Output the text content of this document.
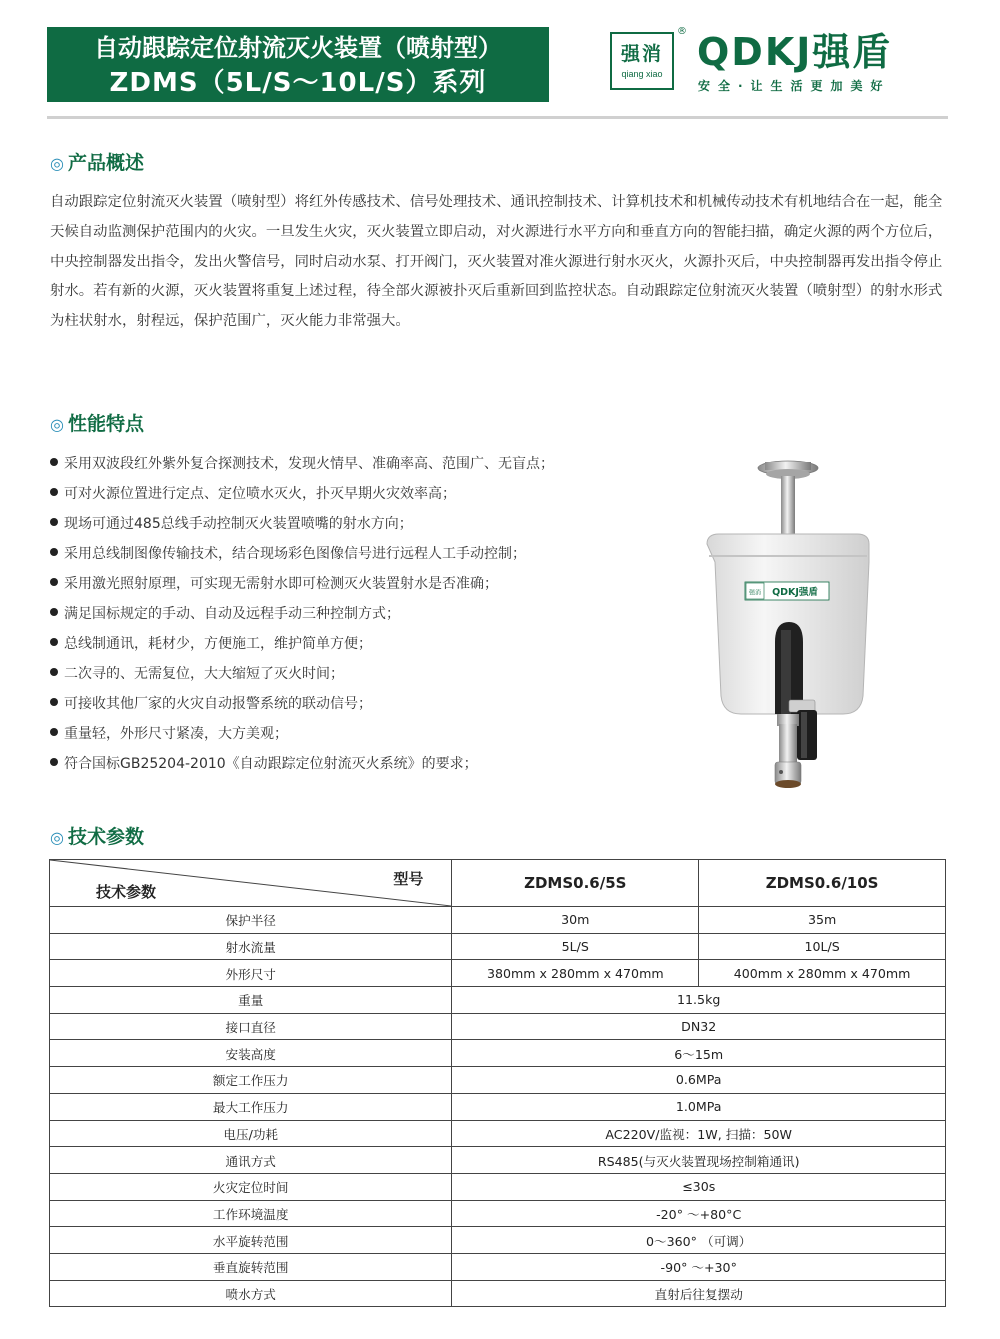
自动跟踪定位射流灭火装置（喷射型）
ZDMS（5L/S～10L/S）系列
强消
qiang xiao
® QDKJ强盾
安全·让生活更加美好
◎ 产品概述

自动跟踪定位射流灭火装置（喷射型）将红外传感技术、信号处理技术、通讯控制技术、计算机技术和机械传动技术有机地结合在一起，能全天候自动监测保护范围内的火灾。一旦发生火灾，灭火装置立即启动，对火源进行水平方向和垂直方向的智能扫描，确定火源的两个方位后，中央控制器发出指令，发出火警信号，同时启动水泵、打开阀门，灭火装置对准火源进行射水灭火，火源扑灭后，中央控制器再发出指令停止射水。若有新的火源，灭火装置将重复上述过程，待全部火源被扑灭后重新回到监控状态。自动跟踪定位射流灭火装置（喷射型）的射水形式为柱状射水，射程远，保护范围广，灭火能力非常强大。

◎ 性能特点
采用双波段红外紫外复合探测技术，发现火情早、准确率高、范围广、无盲点；
可对火源位置进行定点、定位喷水灭火，扑灭早期火灾效率高；
现场可通过485总线手动控制灭火装置喷嘴的射水方向；
采用总线制图像传输技术，结合现场彩色图像信号进行远程人工手动控制；
采用激光照射原理，可实现无需射水即可检测灭火装置射水是否准确；
满足国标规定的手动、自动及远程手动三种控制方式；
总线制通讯，耗材少，方便施工，维护简单方便；
二次寻的、无需复位，大大缩短了灭火时间；
可接收其他厂家的火灾自动报警系统的联动信号；
重量轻，外形尺寸紧凑，大方美观；
符合国标GB25204-2010《自动跟踪定位射流灭火系统》的要求；
强消 QDKJ强盾
◎ 技术参数
型号
技术参数	ZDMS0.6/5S	ZDMS0.6/10S
保护半径	30m	35m
射水流量	5L/S	10L/S
外形尺寸	380mm x 280mm x 470mm	400mm x 280mm x 470mm
重量	11.5kg	
接口直径	DN32	
安装高度	6～15m	
额定工作压力	0.6MPa	
最大工作压力	1.0MPa	
电压/功耗	AC220V/监视：1W, 扫描：50W	
通讯方式	RS485(与灭火装置现场控制箱通讯)	
火灾定位时间	≤30s	
工作环境温度	-20° ～+80°C	
水平旋转范围	0～360° （可调）	
垂直旋转范围	-90° ～+30°	
喷水方式	直射后往复摆动	
